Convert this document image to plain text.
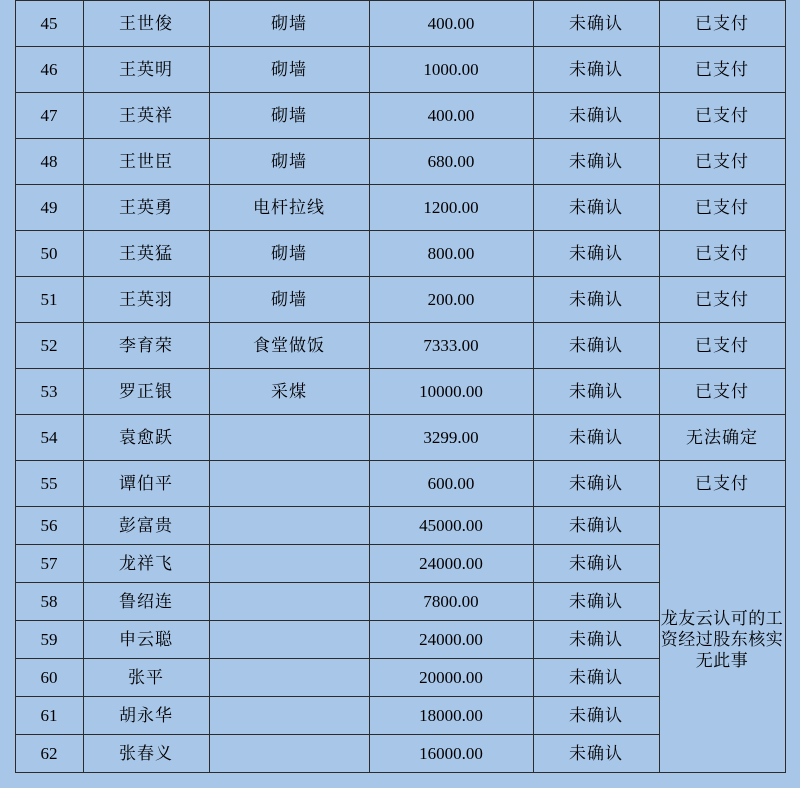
45	王世俊	砌墙	400.00	未确认	已支付
46	王英明	砌墙	1000.00	未确认	已支付
47	王英祥	砌墙	400.00	未确认	已支付
48	王世臣	砌墙	680.00	未确认	已支付
49	王英勇	电杆拉线	1200.00	未确认	已支付
50	王英猛	砌墙	800.00	未确认	已支付
51	王英羽	砌墙	200.00	未确认	已支付
52	李育荣	食堂做饭	7333.00	未确认	已支付
53	罗正银	采煤	10000.00	未确认	已支付
54	袁愈跃		3299.00	未确认	无法确定
55	谭伯平		600.00	未确认	已支付
56	彭富贵		45000.00	未确认	龙友云认可的工资经过股东核实无此事
57	龙祥飞		24000.00	未确认	
58	鲁绍连		7800.00	未确认	
59	申云聪		24000.00	未确认	
60	张平		20000.00	未确认	
61	胡永华		18000.00	未确认	
62	张春义		16000.00	未确认	
